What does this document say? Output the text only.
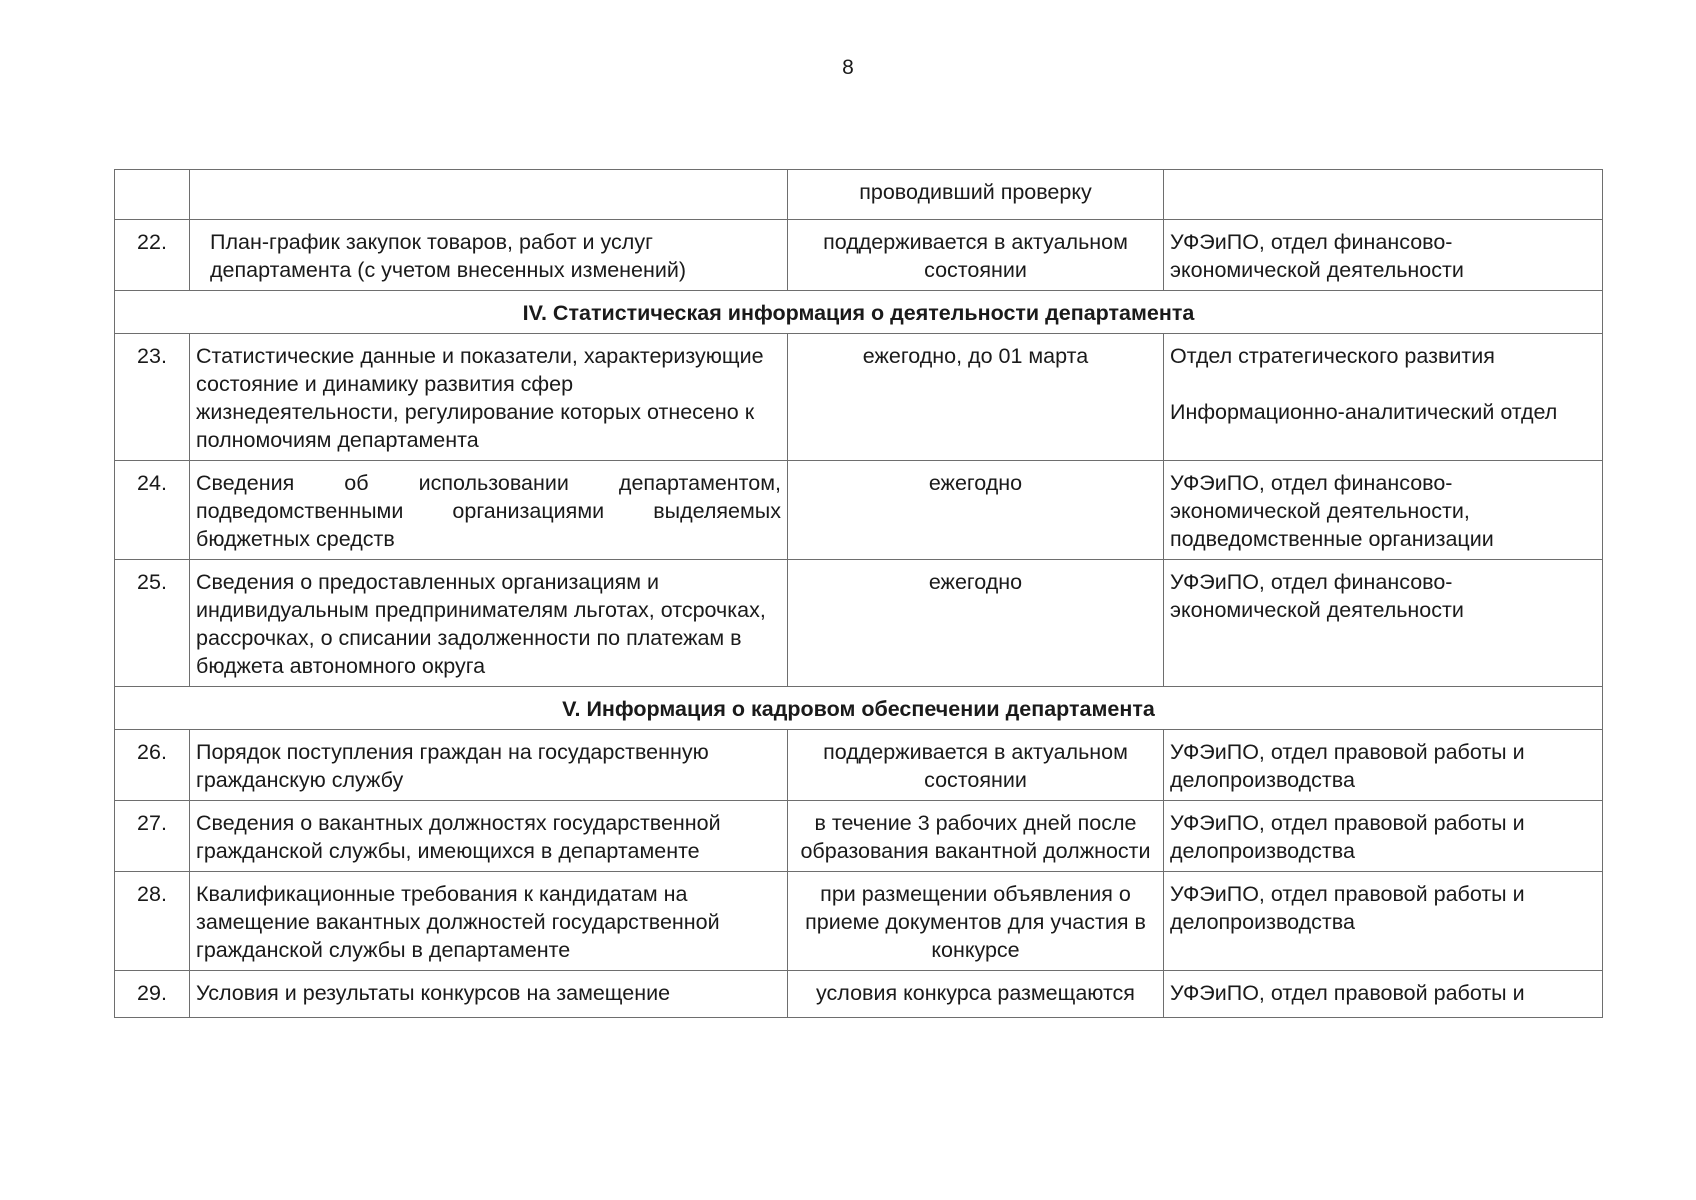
8
		проводивший проверку	
22.	План-график закупок товаров, работ и услуг департамента (с учетом внесенных изменений)	поддерживается в актуальном состоянии	УФЭиПО, отдел финансово-экономической деятельности
IV. Статистическая информация о деятельности департамента			
23.	Статистические данные и показатели, характеризующие состояние и динамику развития сфер жизнедеятельности, регулирование которых отнесено к полномочиям департамента	ежегодно, до 01 марта	Отдел стратегического развития
Информационно-аналитический отдел

24.	Сведения об использовании департаментом, подведомственными организациями выделяемых бюджетных средств	ежегодно	УФЭиПО, отдел финансово-экономической деятельности, подведомственные организации
25.	Сведения о предоставленных организациям и индивидуальным предпринимателям льготах, отсрочках, рассрочках, о списании задолженности по платежам в бюджета автономного округа	ежегодно	УФЭиПО, отдел финансово-экономической деятельности
V. Информация о кадровом обеспечении департамента			
26.	Порядок поступления граждан на государственную гражданскую службу	поддерживается в актуальном состоянии	УФЭиПО, отдел правовой работы и делопроизводства
27.	Сведения о вакантных должностях государственной гражданской службы, имеющихся в департаменте	в течение 3 рабочих дней после образования вакантной должности	УФЭиПО, отдел правовой работы и делопроизводства
28.	Квалификационные требования к кандидатам на замещение вакантных должностей государственной гражданской службы в департаменте	при размещении объявления о приеме документов для участия в конкурсе	УФЭиПО, отдел правовой работы и делопроизводства
29.	Условия и результаты конкурсов на замещение	условия конкурса размещаются	УФЭиПО, отдел правовой работы и
